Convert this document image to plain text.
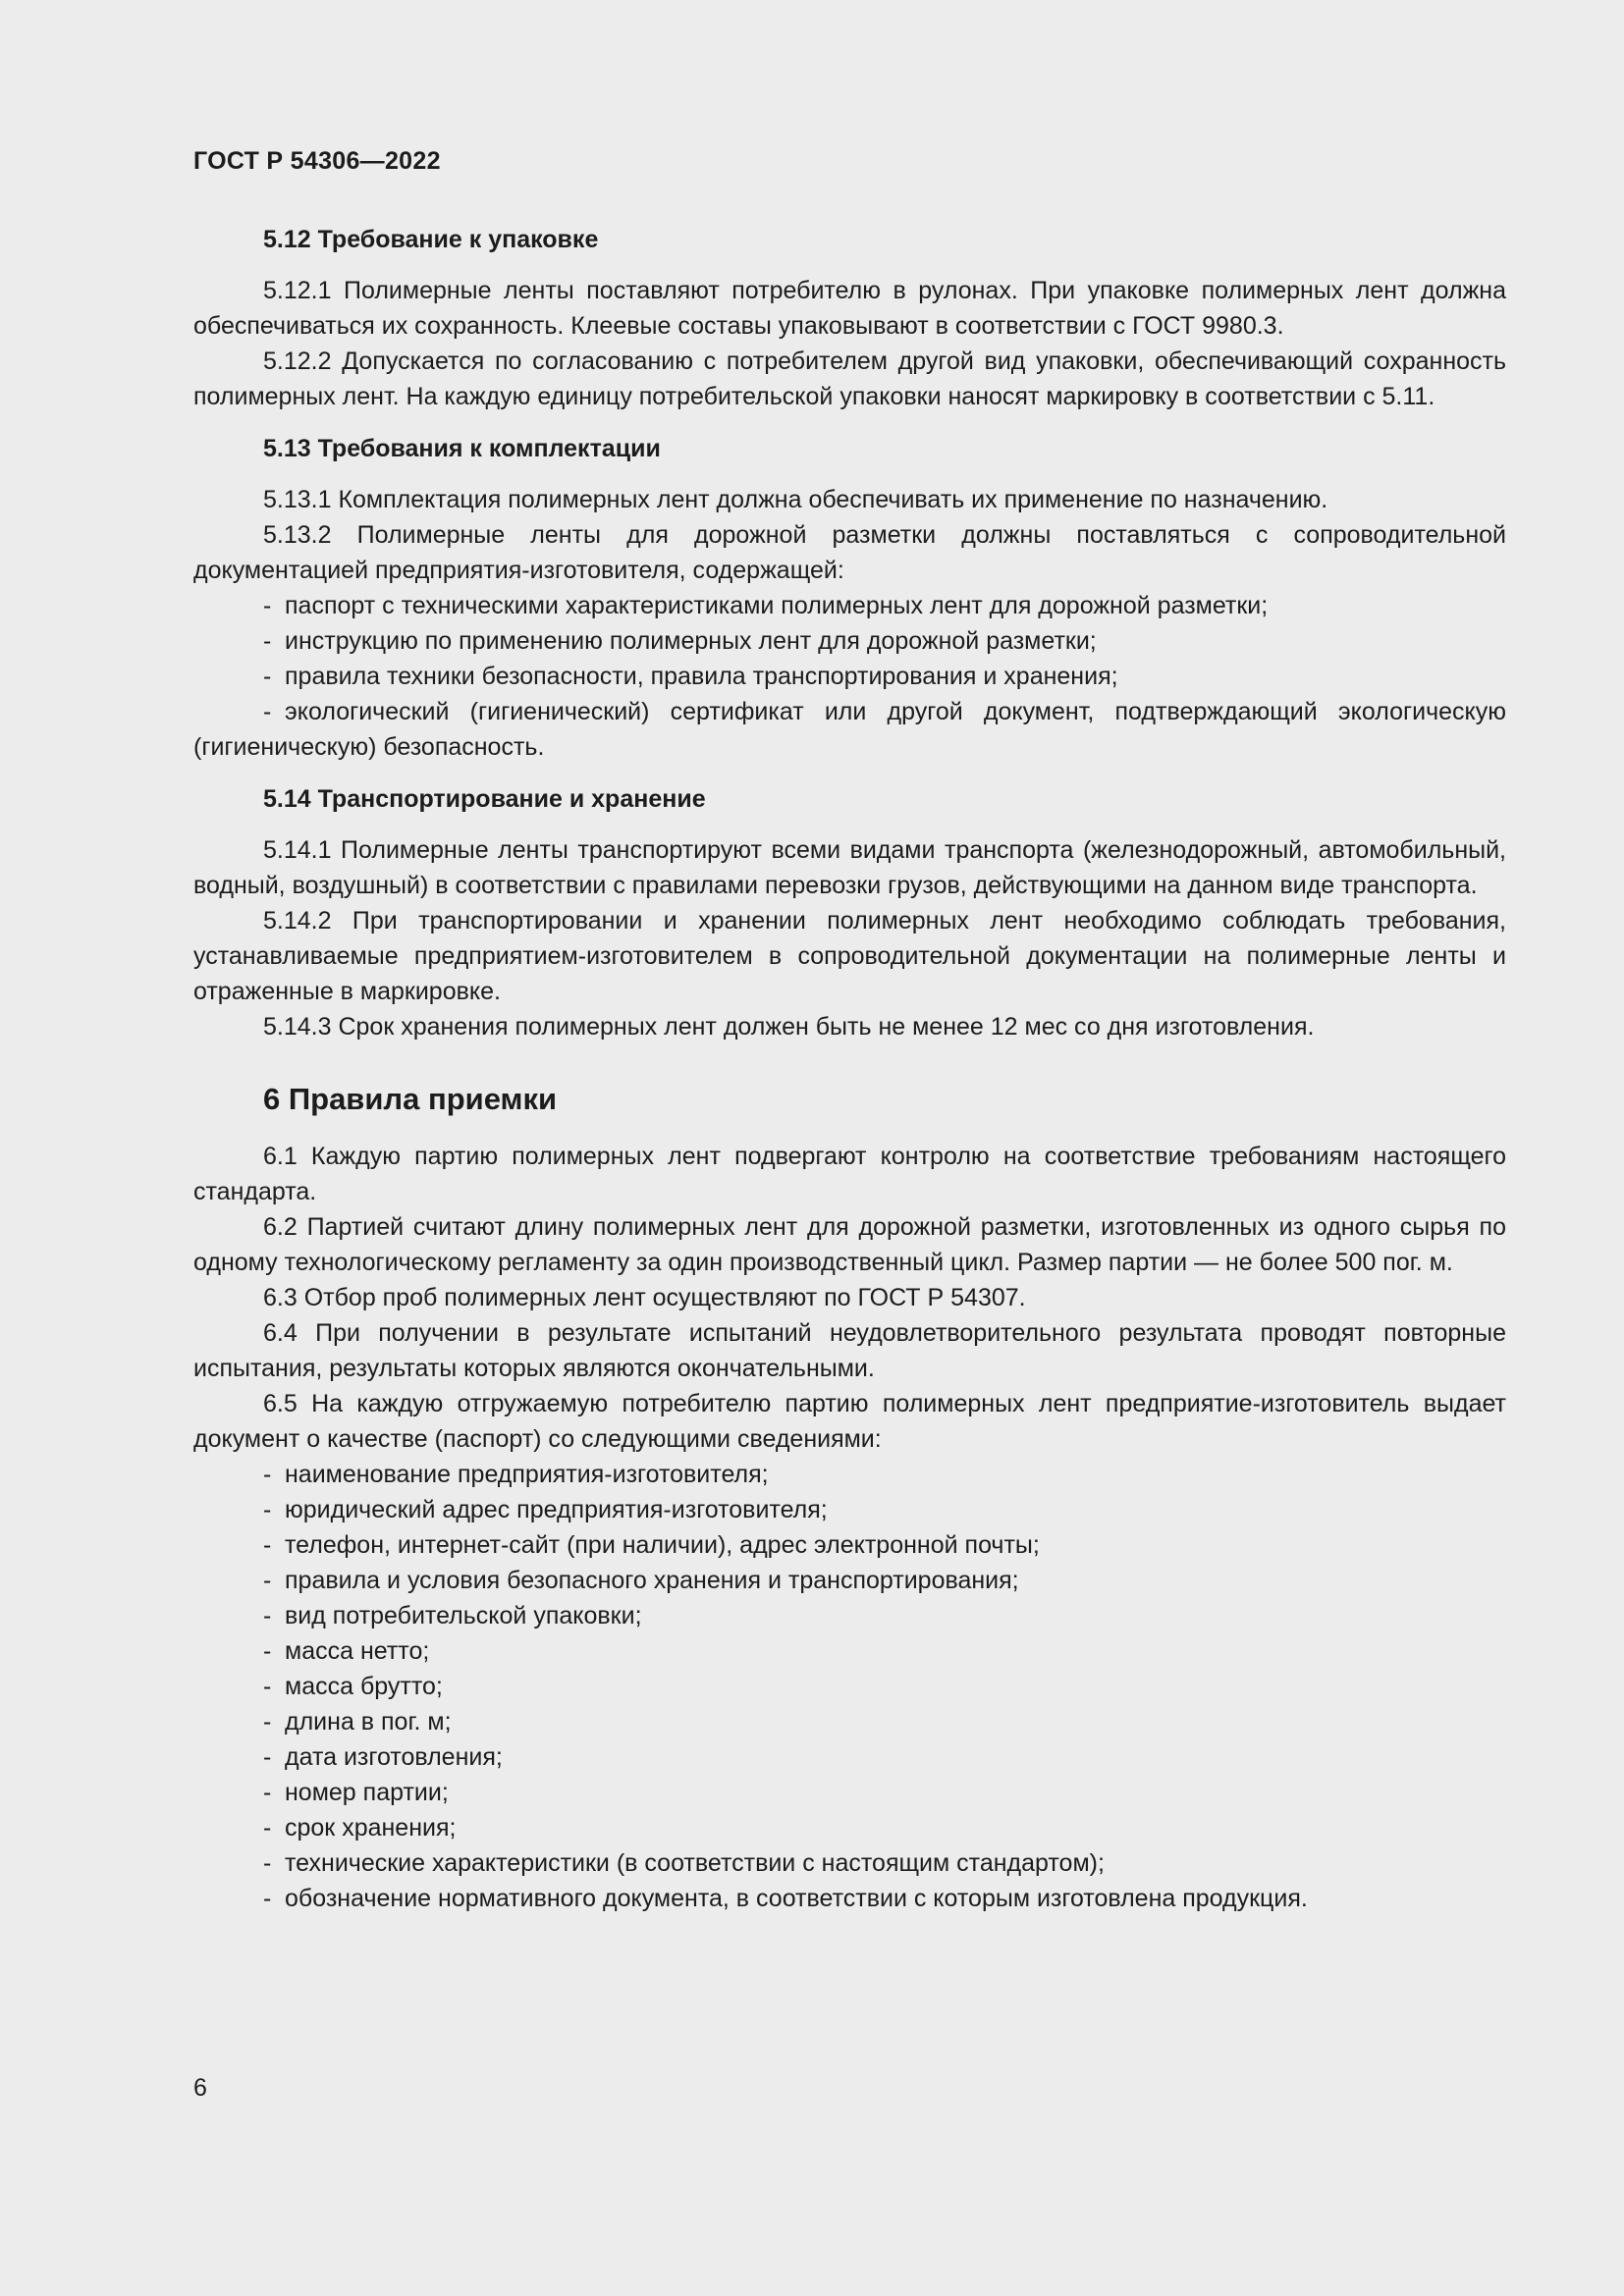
ГОСТ Р 54306—2022

5.12 Требование к упаковке

5.12.1 Полимерные ленты поставляют потребителю в рулонах. При упаковке полимерных лент должна обеспечиваться их сохранность. Клеевые составы упаковывают в соответствии с ГОСТ 9980.3.

5.12.2 Допускается по согласованию с потребителем другой вид упаковки, обеспечивающий сохранность полимерных лент. На каждую единицу потребительской упаковки наносят маркировку в соответствии с 5.11.

5.13 Требования к комплектации

5.13.1 Комплектация полимерных лент должна обеспечивать их применение по назначению.

5.13.2 Полимерные ленты для дорожной разметки должны поставляться с сопроводительной документацией предприятия-изготовителя, содержащей:

- паспорт с техническими характеристиками полимерных лент для дорожной разметки;
- инструкцию по применению полимерных лент для дорожной разметки;
- правила техники безопасности, правила транспортирования и хранения;
- экологический (гигиенический) сертификат или другой документ, подтверждающий экологическую (гигиеническую) безопасность.

5.14 Транспортирование и хранение

5.14.1 Полимерные ленты транспортируют всеми видами транспорта (железнодорожный, автомобильный, водный, воздушный) в соответствии с правилами перевозки грузов, действующими на данном виде транспорта.

5.14.2 При транспортировании и хранении полимерных лент необходимо соблюдать требования, устанавливаемые предприятием-изготовителем в сопроводительной документации на полимерные ленты и отраженные в маркировке.

5.14.3 Срок хранения полимерных лент должен быть не менее 12 мес со дня изготовления.

6 Правила приемки

6.1 Каждую партию полимерных лент подвергают контролю на соответствие требованиям настоящего стандарта.

6.2 Партией считают длину полимерных лент для дорожной разметки, изготовленных из одного сырья по одному технологическому регламенту за один производственный цикл. Размер партии — не более 500 пог. м.

6.3 Отбор проб полимерных лент осуществляют по ГОСТ Р 54307.

6.4 При получении в результате испытаний неудовлетворительного результата проводят повторные испытания, результаты которых являются окончательными.

6.5 На каждую отгружаемую потребителю партию полимерных лент предприятие-изготовитель выдает документ о качестве (паспорт) со следующими сведениями:

- наименование предприятия-изготовителя;
- юридический адрес предприятия-изготовителя;
- телефон, интернет-сайт (при наличии), адрес электронной почты;
- правила и условия безопасного хранения и транспортирования;
- вид потребительской упаковки;
- масса нетто;
- масса брутто;
- длина в пог. м;
- дата изготовления;
- номер партии;
- срок хранения;
- технические характеристики (в соответствии с настоящим стандартом);
- обозначение нормативного документа, в соответствии с которым изготовлена продукция.
6
